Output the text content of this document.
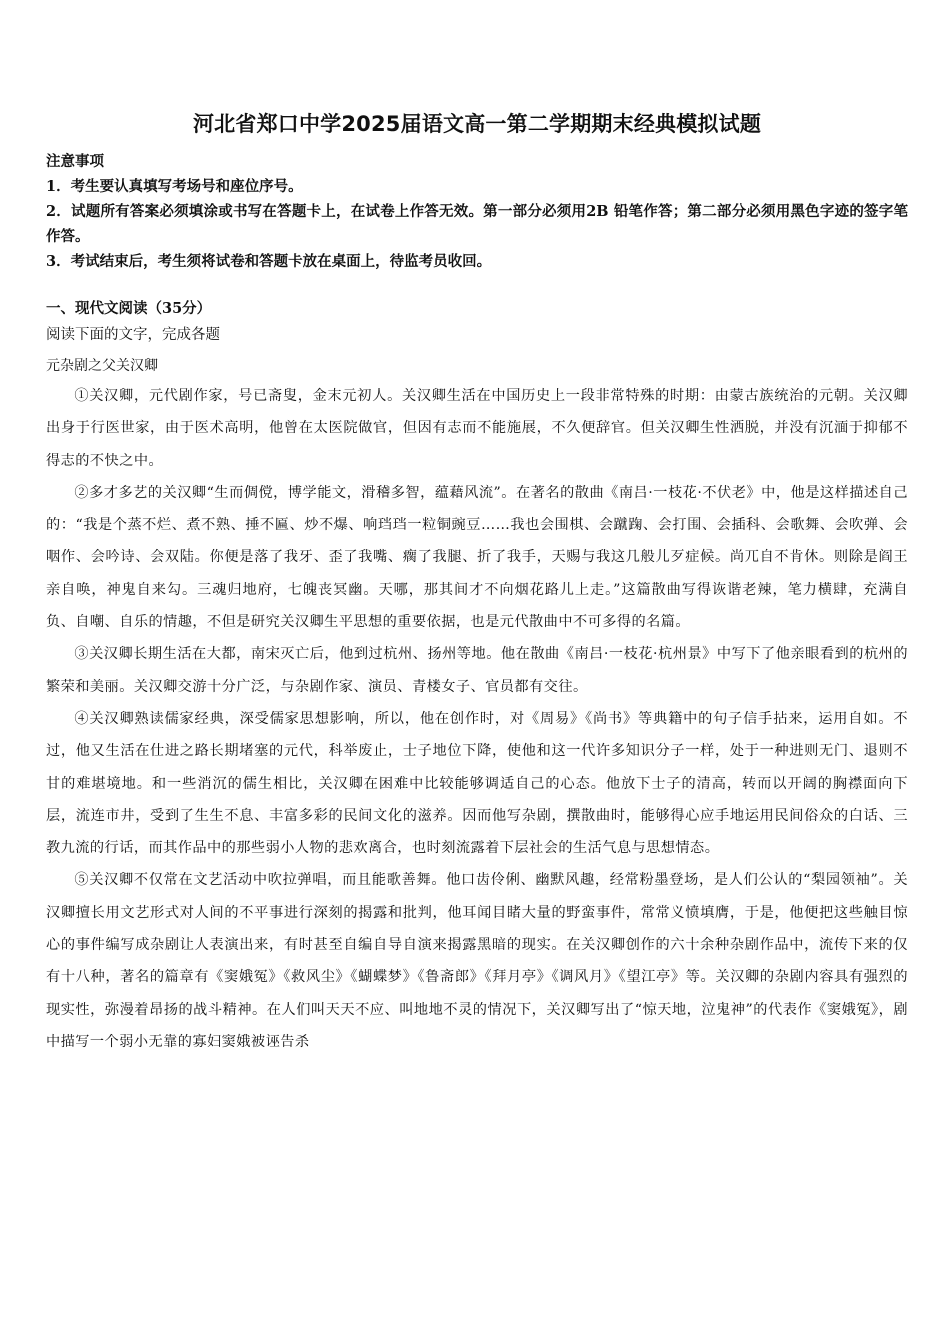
河北省郑口中学2025届语文高一第二学期期末经典模拟试题
注意事项
1．考生要认真填写考场号和座位序号。
2．试题所有答案必须填涂或书写在答题卡上，在试卷上作答无效。第一部分必须用2B 铅笔作答；第二部分必须用黑色字迹的签字笔作答。
3．考试结束后，考生须将试卷和答题卡放在桌面上，待监考员收回。
一、现代文阅读（35分）
阅读下面的文字，完成各题
元杂剧之父关汉卿

①关汉卿，元代剧作家，号已斋叟，金末元初人。关汉卿生活在中国历史上一段非常特殊的时期：由蒙古族统治的元朝。关汉卿出身于行医世家，由于医术高明，他曾在太医院做官，但因有志而不能施展，不久便辞官。但关汉卿生性洒脱，并没有沉湎于抑郁不得志的不快之中。

②多才多艺的关汉卿“生而倜傥，博学能文，滑稽多智，蕴藉风流”。在著名的散曲《南吕·一枝花·不伏老》中，他是这样描述自己的：“我是个蒸不烂、煮不熟、捶不匾、炒不爆、响珰珰一粒铜豌豆……我也会围棋、会蹴踘、会打围、会插科、会歌舞、会吹弹、会咽作、会吟诗、会双陆。你便是落了我牙、歪了我嘴、瘸了我腿、折了我手，天赐与我这几般儿歹症候。尚兀自不肯休。则除是阎王亲自唤，神鬼自来勾。三魂归地府，七魄丧冥幽。天哪，那其间才不向烟花路儿上走。”这篇散曲写得诙谐老辣，笔力横肆，充满自负、自嘲、自乐的情趣，不但是研究关汉卿生平思想的重要依据，也是元代散曲中不可多得的名篇。

③关汉卿长期生活在大都，南宋灭亡后，他到过杭州、扬州等地。他在散曲《南吕·一枝花·杭州景》中写下了他亲眼看到的杭州的繁荣和美丽。关汉卿交游十分广泛，与杂剧作家、演员、青楼女子、官员都有交往。

④关汉卿熟读儒家经典，深受儒家思想影响，所以，他在创作时，对《周易》《尚书》等典籍中的句子信手拈来，运用自如。不过，他又生活在仕进之路长期堵塞的元代，科举废止，士子地位下降，使他和这一代许多知识分子一样，处于一种进则无门、退则不甘的难堪境地。和一些消沉的儒生相比，关汉卿在困难中比较能够调适自己的心态。他放下士子的清高，转而以开阔的胸襟面向下层，流连市井，受到了生生不息、丰富多彩的民间文化的滋养。因而他写杂剧，撰散曲时，能够得心应手地运用民间俗众的白话、三教九流的行话，而其作品中的那些弱小人物的悲欢离合，也时刻流露着下层社会的生活气息与思想情态。

⑤关汉卿不仅常在文艺活动中吹拉弹唱，而且能歌善舞。他口齿伶俐、幽默风趣，经常粉墨登场，是人们公认的“梨园领袖”。关汉卿擅长用文艺形式对人间的不平事进行深刻的揭露和批判，他耳闻目睹大量的野蛮事件，常常义愤填膺，于是，他便把这些触目惊心的事件编写成杂剧让人表演出来，有时甚至自编自导自演来揭露黑暗的现实。在关汉卿创作的六十余种杂剧作品中，流传下来的仅有十八种，著名的篇章有《窦娥冤》《救风尘》《蝴蝶梦》《鲁斋郎》《拜月亭》《调风月》《望江亭》等。关汉卿的杂剧内容具有强烈的现实性，弥漫着昂扬的战斗精神。在人们叫天天不应、叫地地不灵的情况下，关汉卿写出了“惊天地，泣鬼神”的代表作《窦娥冤》，剧中描写一个弱小无靠的寡妇窦娥被诬告杀
